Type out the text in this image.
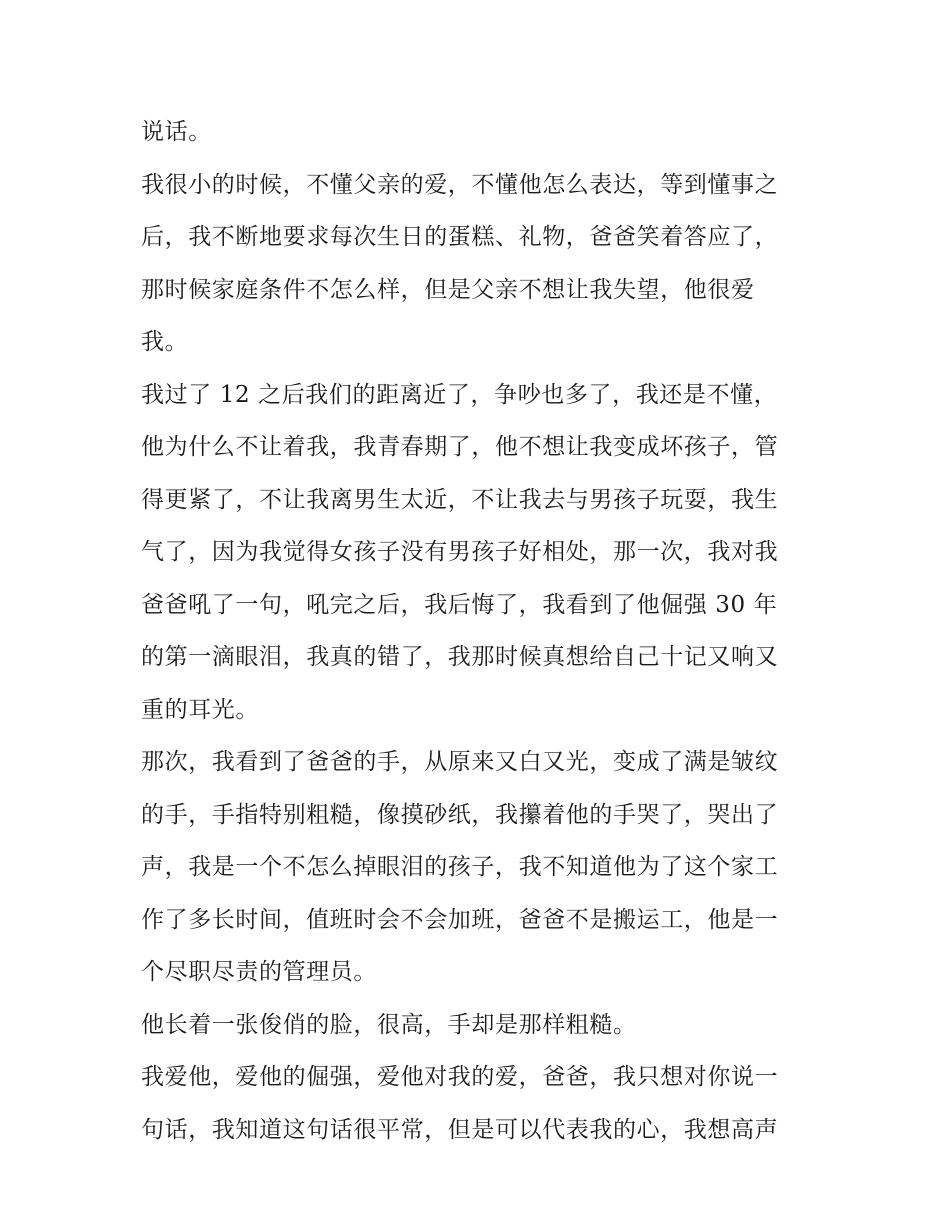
说话。
我很小的时候，不懂父亲的爱，不懂他怎么表达，等到懂事之
后，我不断地要求每次生日的蛋糕、礼物，爸爸笑着答应了，
那时候家庭条件不怎么样，但是父亲不想让我失望，他很爱
我。
我过了 12 之后我们的距离近了，争吵也多了，我还是不懂，
他为什么不让着我，我青春期了，他不想让我变成坏孩子，管
得更紧了，不让我离男生太近，不让我去与男孩子玩耍，我生
气了，因为我觉得女孩子没有男孩子好相处，那一次，我对我
爸爸吼了一句，吼完之后，我后悔了，我看到了他倔强 30 年
的第一滴眼泪，我真的错了，我那时候真想给自己十记又响又
重的耳光。
那次，我看到了爸爸的手，从原来又白又光，变成了满是皱纹
的手，手指特别粗糙，像摸砂纸，我攥着他的手哭了，哭出了
声，我是一个不怎么掉眼泪的孩子，我不知道他为了这个家工
作了多长时间，值班时会不会加班，爸爸不是搬运工，他是一
个尽职尽责的管理员。
他长着一张俊俏的脸，很高，手却是那样粗糙。
我爱他，爱他的倔强，爱他对我的爱，爸爸，我只想对你说一
句话，我知道这句话很平常，但是可以代表我的心，我想高声
